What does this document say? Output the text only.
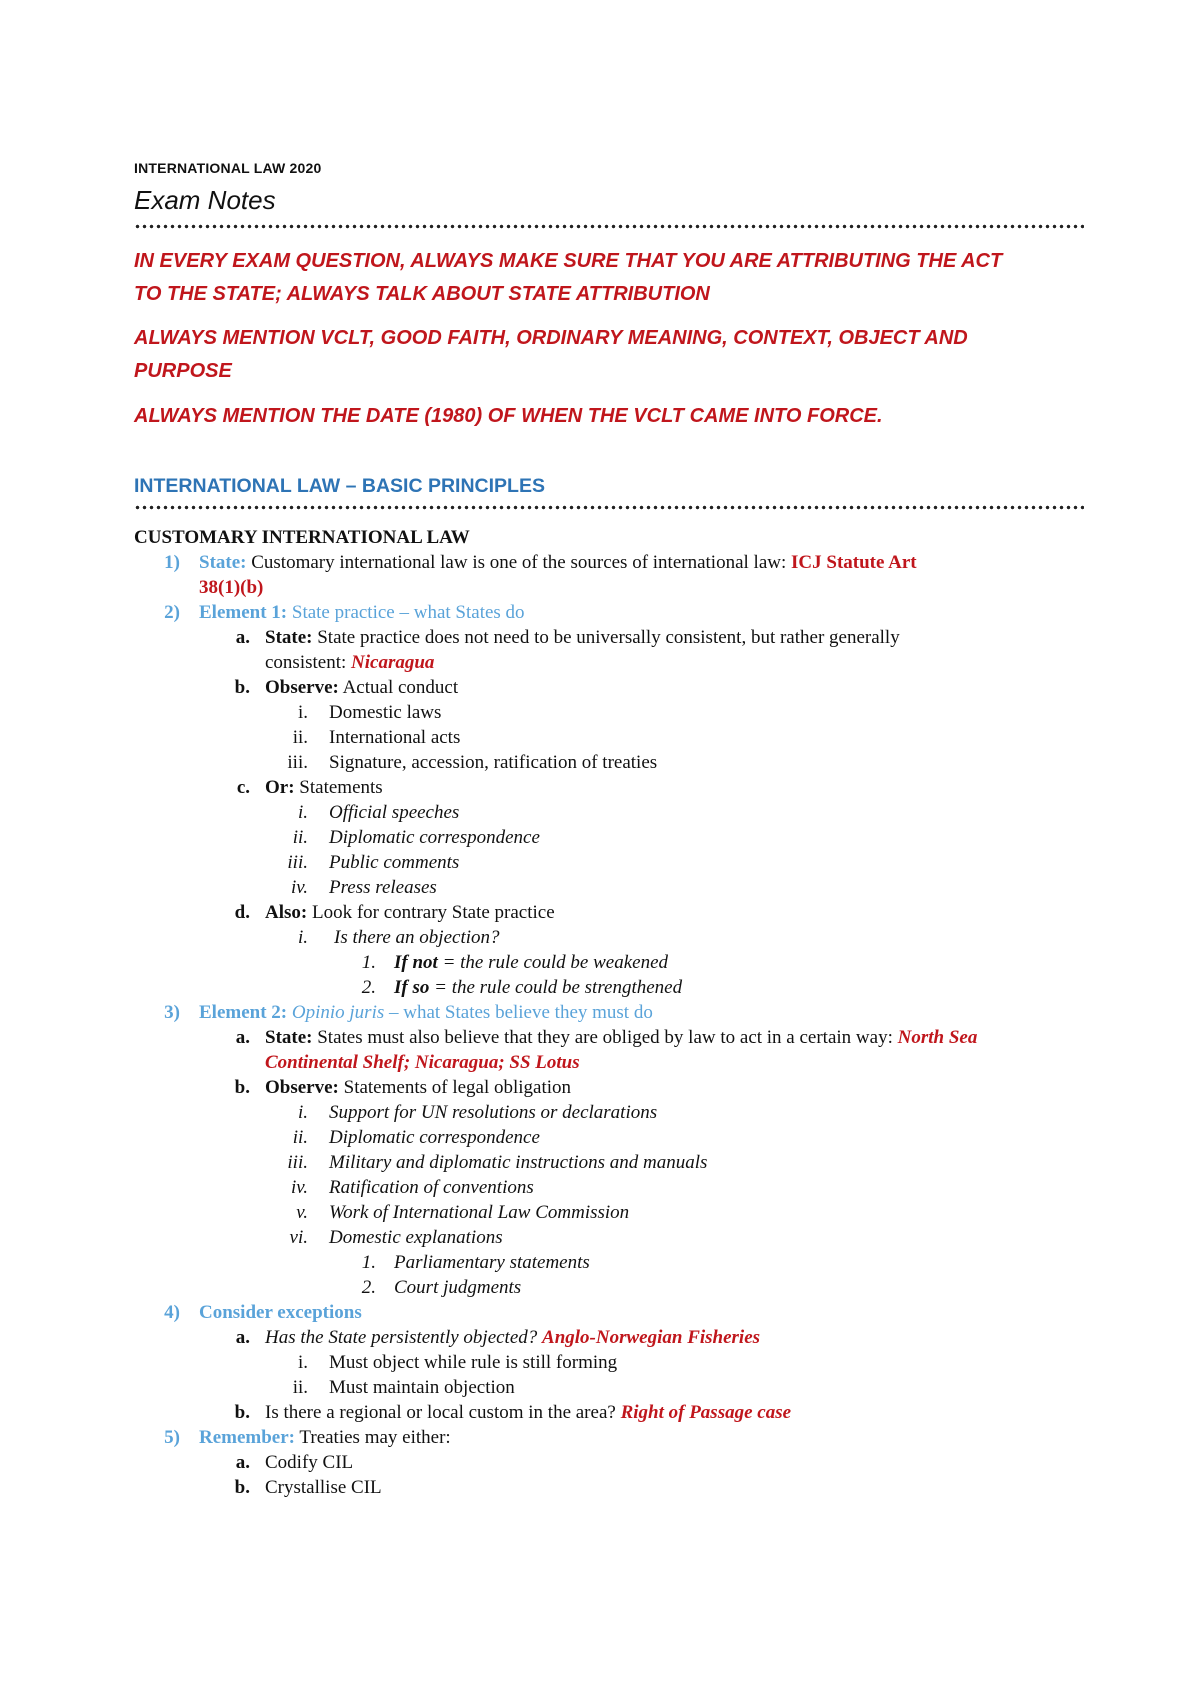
INTERNATIONAL LAW 2020
Exam Notes

IN EVERY EXAM QUESTION, ALWAYS MAKE SURE THAT YOU ARE ATTRIBUTING THE ACT
TO THE STATE; ALWAYS TALK ABOUT STATE ATTRIBUTION

ALWAYS MENTION VCLT, GOOD FAITH, ORDINARY MEANING, CONTEXT, OBJECT AND
PURPOSE

ALWAYS MENTION THE DATE (1980) OF WHEN THE VCLT CAME INTO FORCE.

INTERNATIONAL LAW – BASIC PRINCIPLES
CUSTOMARY INTERNATIONAL LAW
1) State: Customary international law is one of the sources of international law: ICJ Statute Art
38(1)(b)
2) Element 1: State practice – what States do
a. State: State practice does not need to be universally consistent, but rather generally
consistent: Nicaragua
b. Observe: Actual conduct
i. Domestic laws
ii. International acts
iii. Signature, accession, ratification of treaties
c. Or: Statements
i. Official speeches
ii. Diplomatic correspondence
iii. Public comments
iv. Press releases
d. Also: Look for contrary State practice
i. Is there an objection?
1. If not = the rule could be weakened
2. If so = the rule could be strengthened
3) Element 2: Opinio juris – what States believe they must do
a. State: States must also believe that they are obliged by law to act in a certain way: North Sea
Continental Shelf; Nicaragua; SS Lotus
b. Observe: Statements of legal obligation
i. Support for UN resolutions or declarations
ii. Diplomatic correspondence
iii. Military and diplomatic instructions and manuals
iv. Ratification of conventions
v. Work of International Law Commission
vi. Domestic explanations
1. Parliamentary statements
2. Court judgments
4) Consider exceptions
a. Has the State persistently objected? Anglo-Norwegian Fisheries
i. Must object while rule is still forming
ii. Must maintain objection
b. Is there a regional or local custom in the area? Right of Passage case
5) Remember: Treaties may either:
a. Codify CIL
b. Crystallise CIL
